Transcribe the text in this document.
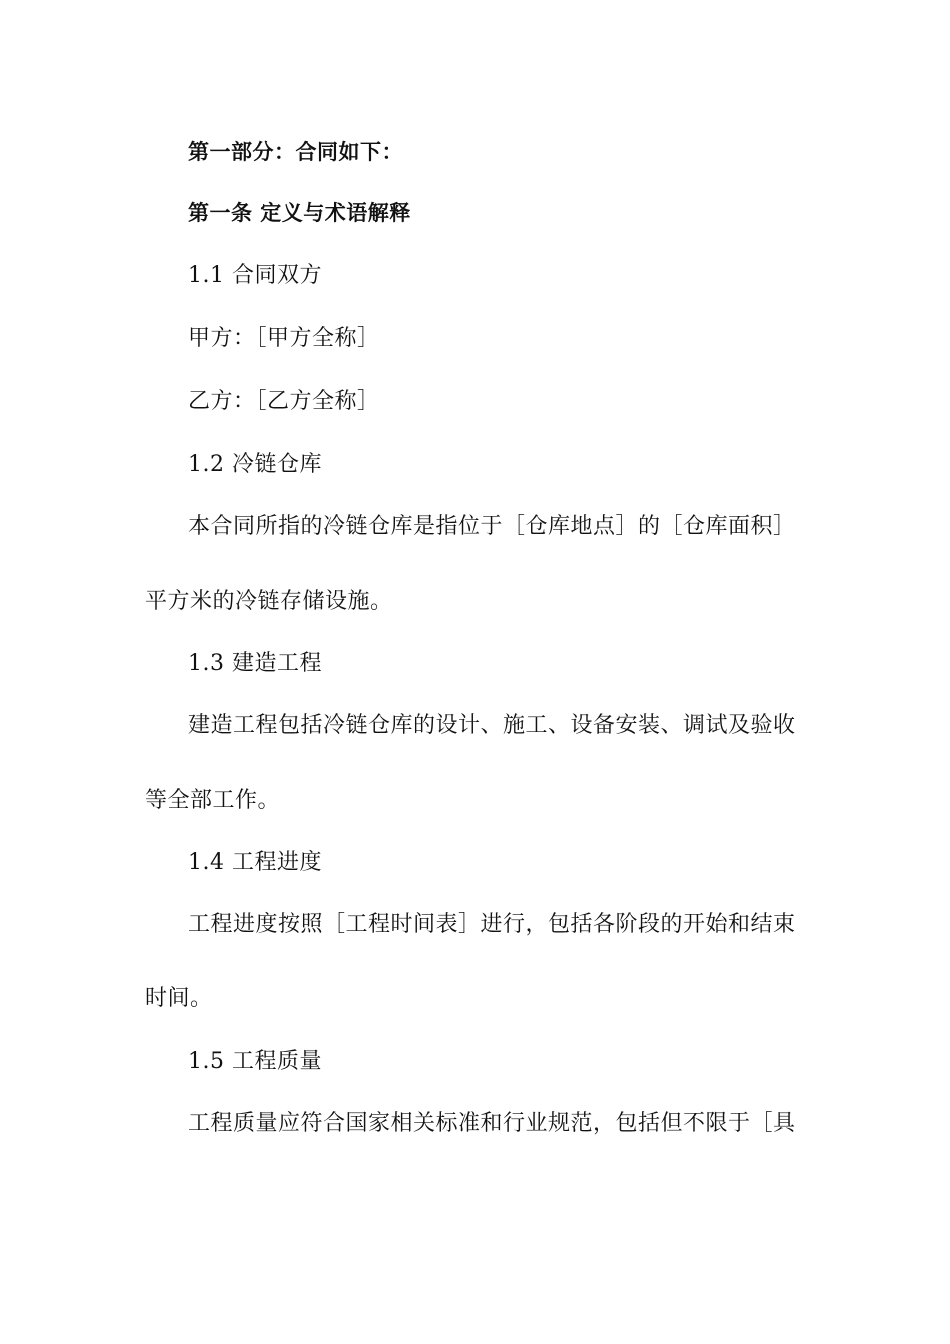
第一部分：合同如下：
第一条 定义与术语解释
1.1 合同双方
甲方：［甲方全称］
乙方：［乙方全称］
1.2 冷链仓库
本合同所指的冷链仓库是指位于［仓库地点］的［仓库面积］
平方米的冷链存储设施。
1.3 建造工程
建造工程包括冷链仓库的设计、施工、设备安装、调试及验收
等全部工作。
1.4 工程进度
工程进度按照［工程时间表］进行，包括各阶段的开始和结束
时间。
1.5 工程质量
工程质量应符合国家相关标准和行业规范，包括但不限于［具
